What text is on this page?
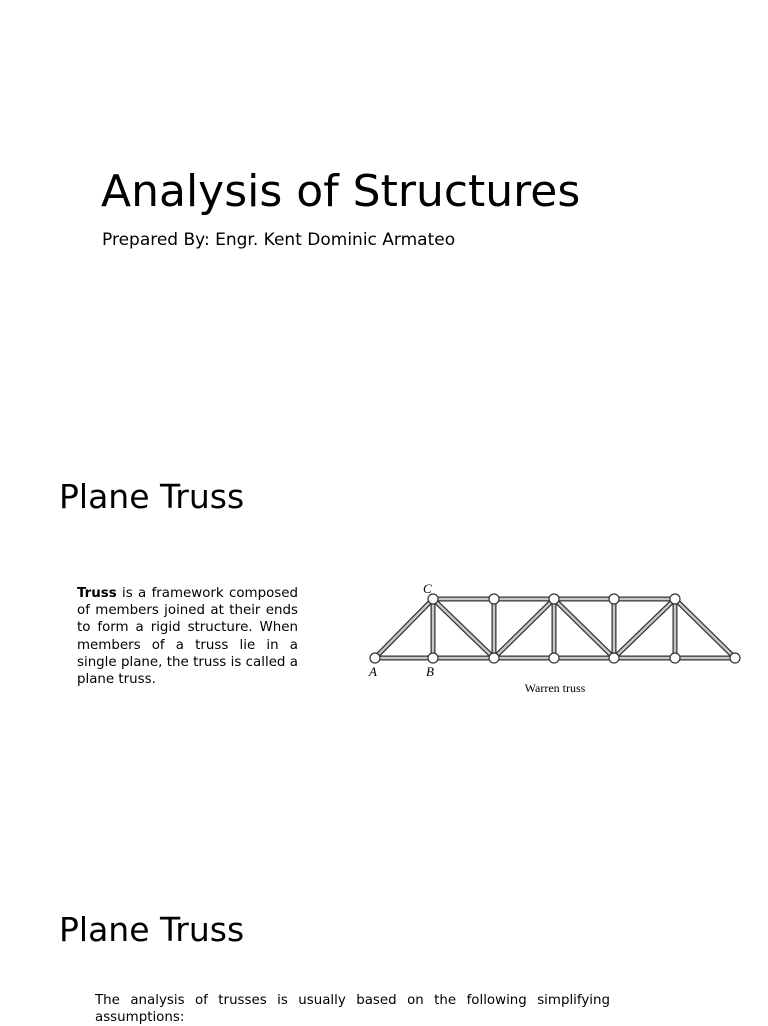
Analysis of Structures

Prepared By: Engr. Kent Dominic Armateo

Plane Truss

Truss is a framework composed of members joined at their ends to form a rigid structure. When members of a truss lie in a single plane, the truss is called a plane truss.

A	B
C
Warren truss
Plane Truss

The analysis of trusses is usually based on the following simplifying assumptions:
